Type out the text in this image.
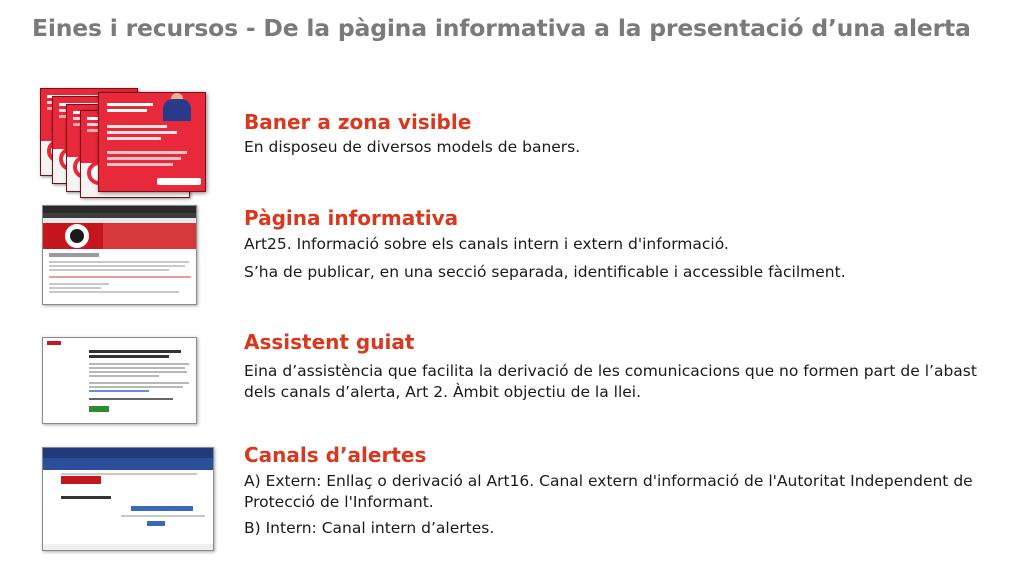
Eines i recursos - De la pàgina informativa a la presentació d’una alerta
Baner a zona visible
En disposeu de diversos models de baners.
Pàgina informativa
Art25. Informació sobre els canals intern i extern d'informació.
S’ha de publicar, en una secció separada, identificable i accessible fàcilment.
Assistent guiat
Eina d’assistència que facilita la derivació de les comunicacions que no formen part de l’abast dels canals d’alerta, Art 2. Àmbit objectiu de la llei.
Canals d’alertes
A) Extern: Enllaç o derivació al Art16. Canal extern d'informació de l'Autoritat Independent de Protecció de l'Informant.
B) Intern: Canal intern d’alertes.
